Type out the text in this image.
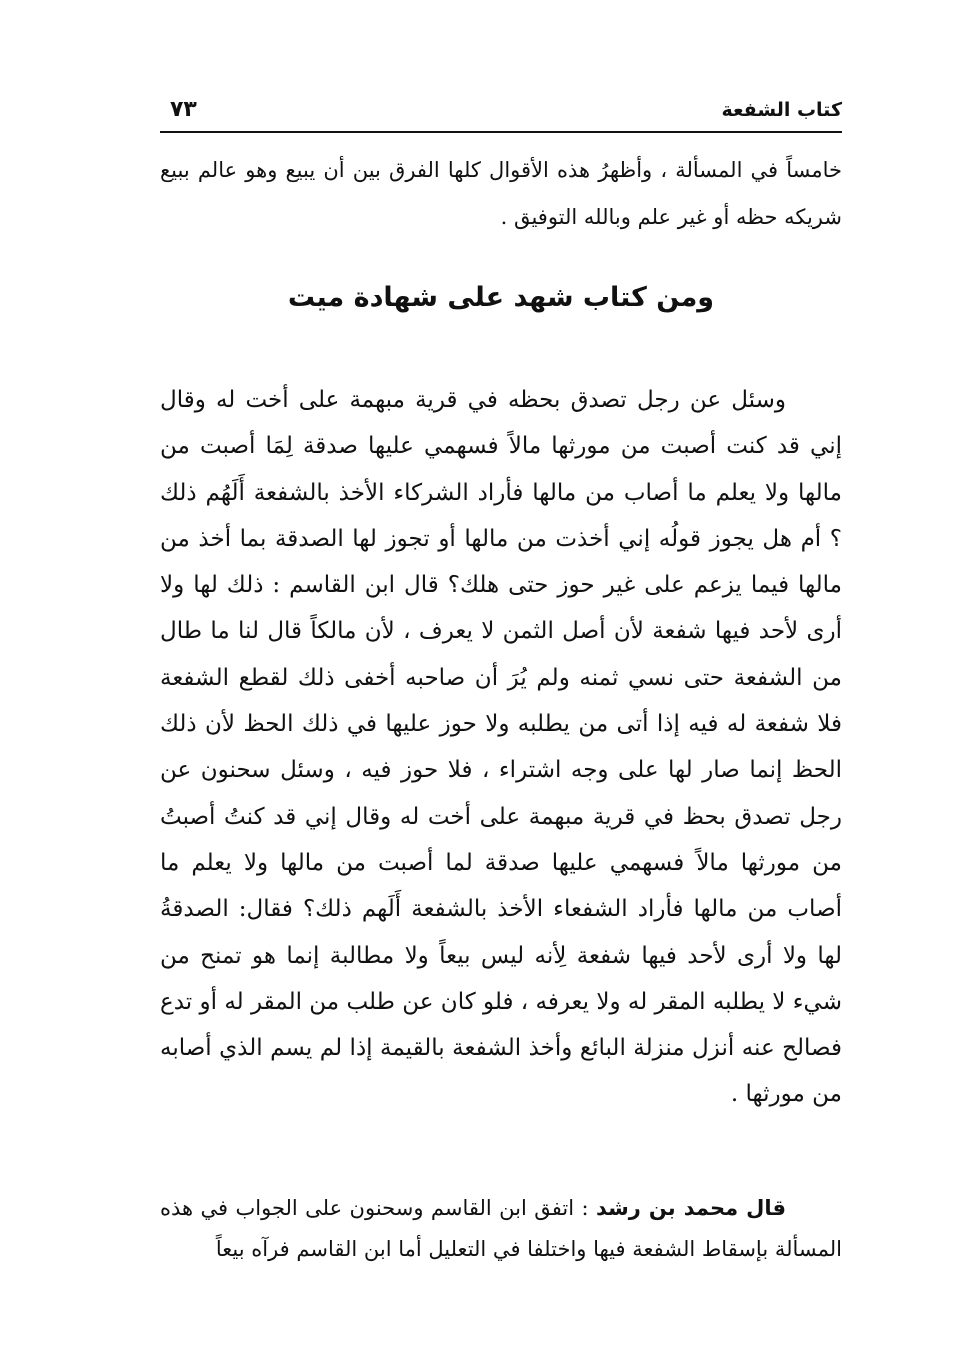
كتاب الشفعة
٧٣

خامساً في المسألة ، وأظهرُ هذه الأقوال كلها الفرق بين أن يبيع وهو عالم ببيع شريكه حظه أو غير علم وبالله التوفيق .

ومن كتاب شهد على شهادة ميت

وسئل عن رجل تصدق بحظه في قرية مبهمة على أخت له وقال إني قد كنت أصبت من مورثها مالاً فسهمي عليها صدقة لِمَا أصبت من مالها ولا يعلم ما أصاب من مالها فأراد الشركاء الأخذ بالشفعة أَلَهُم ذلك ؟ أم هل يجوز قولُه إني أخذت من مالها أو تجوز لها الصدقة بما أخذ من مالها فيما يزعم على غير حوز حتى هلك؟ قال ابن القاسم : ذلك لها ولا أرى لأحد فيها شفعة لأن أصل الثمن لا يعرف ، لأن مالكاً قال لنا ما طال من الشفعة حتى نسي ثمنه ولم يُرَ أن صاحبه أخفى ذلك لقطع الشفعة فلا شفعة له فيه إذا أتى من يطلبه ولا حوز عليها في ذلك الحظ لأن ذلك الحظ إنما صار لها على وجه اشتراء ، فلا حوز فيه ، وسئل سحنون عن رجل تصدق بحظ في قرية مبهمة على أخت له وقال إني قد كنتُ أصبتُ من مورثها مالاً فسهمي عليها صدقة لما أصبت من مالها ولا يعلم ما أصاب من مالها فأراد الشفعاء الأخذ بالشفعة أَلَهم ذلك؟ فقال: الصدقةُ لها ولا أرى لأحد فيها شفعة لِأنه ليس بيعاً ولا مطالبة إنما هو تمنح من شيء لا يطلبه المقر له ولا يعرفه ، فلو كان عن طلب من المقر له أو تدع فصالح عنه أنزل منزلة البائع وأخذ الشفعة بالقيمة إذا لم يسم الذي أصابه من مورثها .

قال محمد بن رشد : اتفق ابن القاسم وسحنون على الجواب في هذه المسألة بإسقاط الشفعة فيها واختلفا في التعليل أما ابن القاسم فرآه بيعاً
